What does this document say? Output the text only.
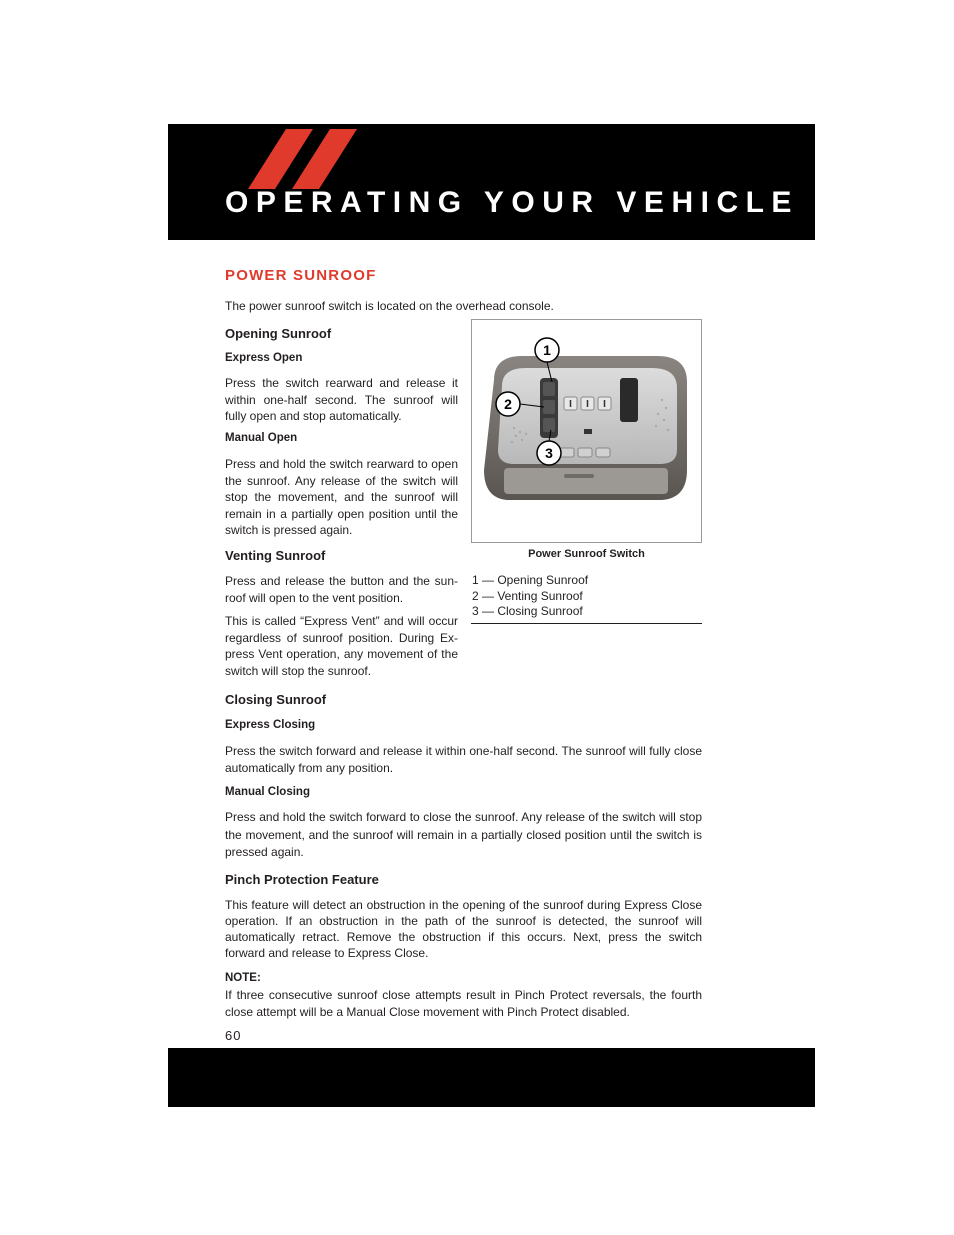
OPERATING YOUR VEHICLE
POWER SUNROOF
The power sunroof switch is located on the overhead console.
Opening Sunroof
Express Open
Press the switch rearward and release it within one-half second. The sunroof will fully open and stop automatically.
Manual Open
Press and hold the switch rearward to open the sunroof. Any release of the switch will stop the movement, and the sunroof will remain in a partially open position until the switch is pressed again.
Venting Sunroof
Press and release the button and the sun-roof will open to the vent position.
This is called “Express Vent” and will occur regardless of sunroof position. During Ex-press Vent operation, any movement of the switch will stop the sunroof.
1
2
3
Power Sunroof Switch
1 — Opening Sunroof
2 — Venting Sunroof
3 — Closing Sunroof
Closing Sunroof
Express Closing
Press the switch forward and release it within one-half second. The sunroof will fully close automatically from any position.
Manual Closing
Press and hold the switch forward to close the sunroof. Any release of the switch will stop the movement, and the sunroof will remain in a partially closed position until the switch is pressed again.
Pinch Protection Feature
This feature will detect an obstruction in the opening of the sunroof during Express Close operation. If an obstruction in the path of the sunroof is detected, the sunroof will automatically retract. Remove the obstruction if this occurs. Next, press the switch forward and release to Express Close.
NOTE:
If three consecutive sunroof close attempts result in Pinch Protect reversals, the fourth close attempt will be a Manual Close movement with Pinch Protect disabled.
60
